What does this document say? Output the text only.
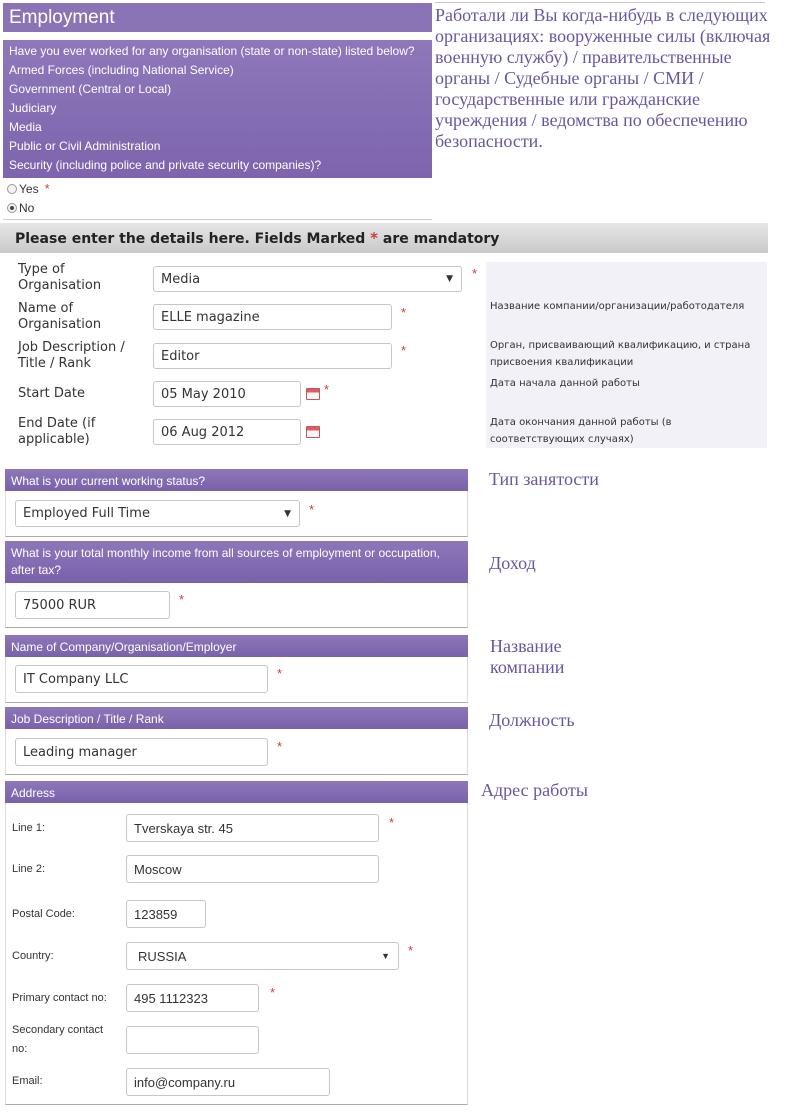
Employment
Have you ever worked for any organisation (state or non-state) listed below?
Armed Forces (including National Service)
Government (Central or Local)
Judiciary
Media
Public or Civil Administration
Security (including police and private security companies)?
Yes *
No
Работали ли Вы когда-нибудь в следующих организациях: вооруженные силы (включая военную службу) / правительственные органы / Судебные органы / СМИ / государственные или гражданские учреждения / ведомства по обеспечению безопасности.
Please enter the details here. Fields Marked * are mandatory
Type of Organisation	Media	▼ *
Name of Organisation	ELLE magazine	*	Название компании/организации/работодателя
Job Description / Title / Rank	Editor	*	Орган, присваивающий квалификацию, и страна присвоения квалификации
Start Date	05 May 2010	*	Дата начала данной работы
End Date (if applicable)	06 Aug 2012
Дата окончания данной работы (в соответствующих случаях)
What is your current working status?
Employed Full Time	▼ *
Тип занятости
What is your total monthly income from all sources of employment or occupation, after tax?
75000 RUR	*
Доход
Name of Company/Organisation/Employer
IT Company LLC	*
Название компании
Job Description / Title / Rank
Leading manager	*
Должность
Address	Адрес работы
Line 1:	Tverskaya str. 45	*
Line 2:	Moscow
Postal Code:	123859
Country:	RUSSIA	▼ *
Primary contact no: 495 1112323	*
Secondary contact no:
Email:	info@company.ru
